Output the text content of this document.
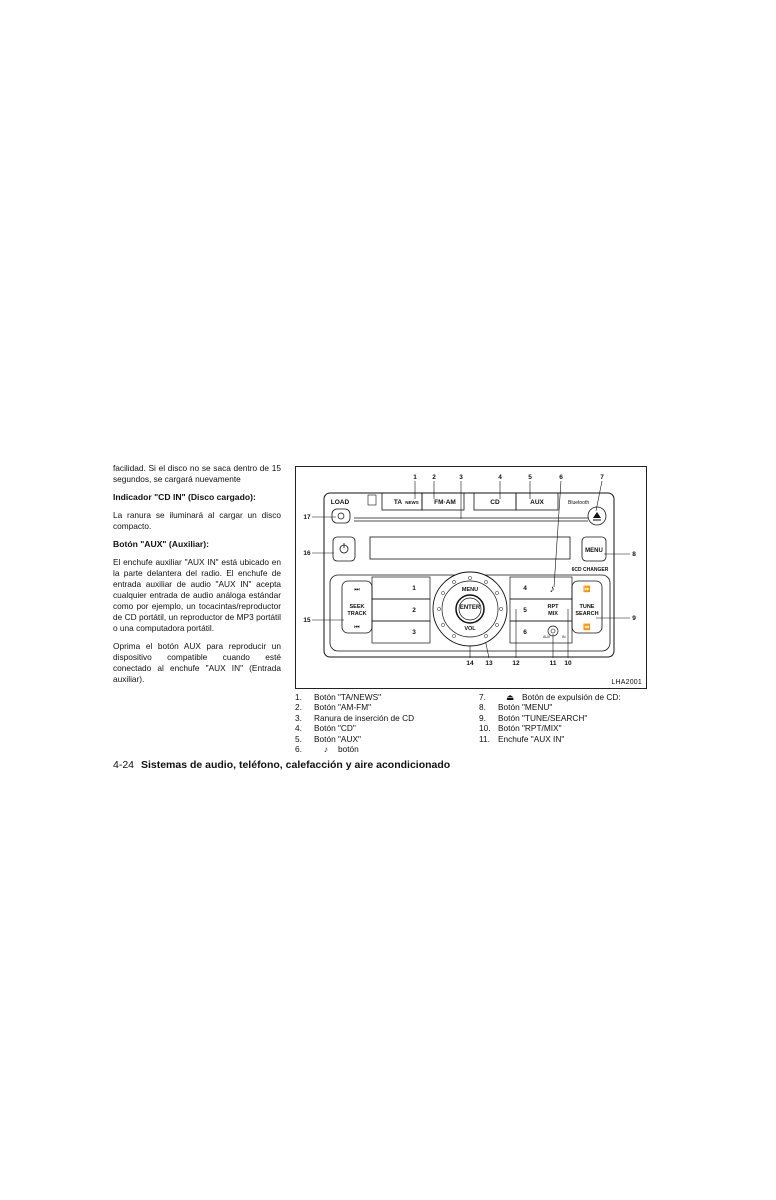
facilidad. Si el disco no se saca dentro de 15 segundos, se cargará nuevamente

Indicador "CD IN" (Disco cargado):

La ranura se iluminará al cargar un disco compacto.

Botón "AUX" (Auxiliar):

El enchufe auxiliar "AUX IN" está ubicado en la parte delantera del radio. El enchufe de entrada auxiliar de audio "AUX IN" acepta cualquier entrada de audio análoga estándar como por ejemplo, un tocacintas/reproductor de CD portátil, un reproductor de MP3 portátil o una computadora portátil.

Oprima el botón AUX para reproducir un dispositivo compatible cuando esté conectado al enchufe "AUX IN" (Entrada auxiliar).

1 2	3	4	5	6	7
8
9
10
11
12
13
14
15
16
17
TA NEWS FM·AM	CD	AUX
LOAD	Bluetooth
MENU
6CD CHANGER
⏭
SEEK
TRACK
⏮
⏩
TUNE
SEARCH
⏪
1
2
3
4
5
6
RPT
MIX
♪
AUX	IN
ENTER
MENU
VOL
LHA2001
1.	Botón "TA/NEWS"
2.	Botón "AM-FM"
3.	Ranura de inserción de CD
4.	Botón "CD"
5.	Botón "AUX"
6.	♪	botón
7.	⏏ Botón de expulsión de CD:
8.	Botón "MENU"
9.	Botón "TUNE/SEARCH"
10. Botón "RPT/MIX"
11. Enchufe "AUX IN"
4-24 Sistemas de audio, teléfono, calefacción y aire acondicionado
